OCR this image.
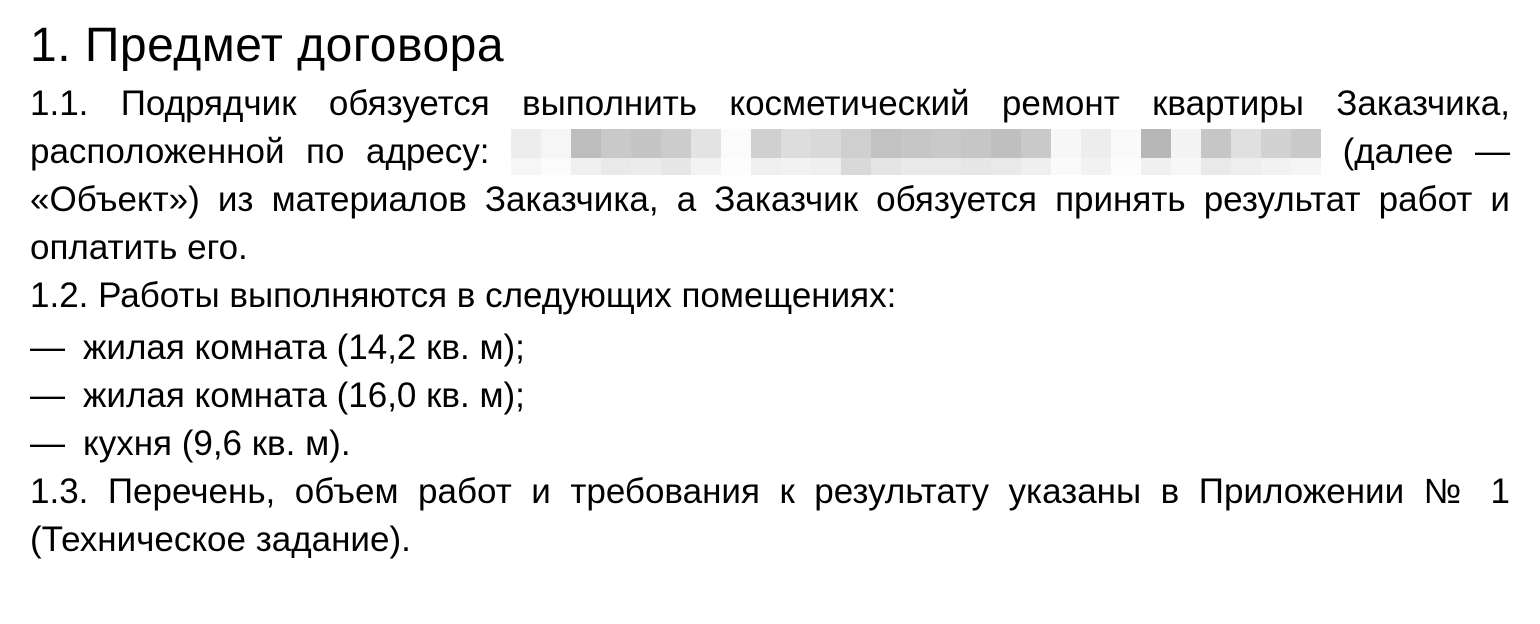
1. Предмет договора
1.1. Подрядчик обязуется выполнить косметический ремонт квартиры Заказчика,
расположенной по адресу:	(далее —
«Объект») из материалов Заказчика, а Заказчик обязуется принять результат работ и
оплатить его.
1.2. Работы выполняются в следующих помещениях:
— жилая комната (14,2 кв. м);
— жилая комната (16,0 кв. м);
— кухня (9,6 кв. м).
1.3. Перечень, объем работ и требования к результату указаны в Приложении № 1
(Техническое задание).
